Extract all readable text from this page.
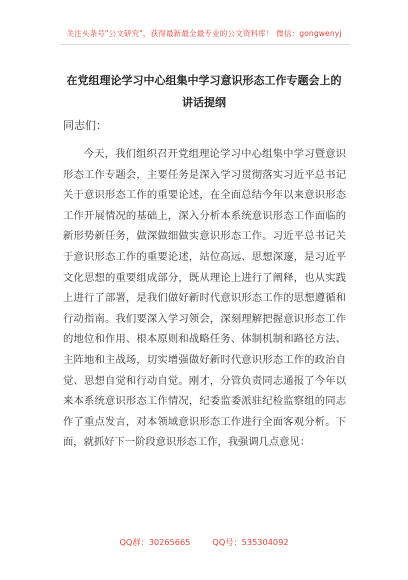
关注头条号"公文研究"，获得最新最全最专业的公文资料库！ 微信：gongwenyj
在党组理论学习中心组集中学习意识形态工作专题会上的
讲话提纲
同志们：

今天，我们组织召开党组理论学习中心组集中学习暨意识形态工作专题会，主要任务是深入学习贯彻落实习近平总书记关于意识形态工作的重要论述，在全面总结今年以来意识形态工作开展情况的基础上，深入分析本系统意识形态工作面临的新形势新任务，做深做细做实意识形态工作。习近平总书记关于意识形态工作的重要论述，站位高远、思想深邃，是习近平文化思想的重要组成部分，既从理论上进行了阐释，也从实践上进行了部署，是我们做好新时代意识形态工作的思想遵循和行动指南。我们要深入学习领会，深刻理解把握意识形态工作的地位和作用、根本原则和战略任务、体制机制和路径方法、主阵地和主战场，切实增强做好新时代意识形态工作的政治自觉、思想自觉和行动自觉。刚才，分管负责同志通报了今年以来本系统意识形态工作情况，纪委监委派驻纪检监察组的同志作了重点发言，对本领域意识形态工作进行全面客观分析。下面，就抓好下一阶段意识形态工作，我强调几点意见：

QQ群：30265665	QQ号：535304092
